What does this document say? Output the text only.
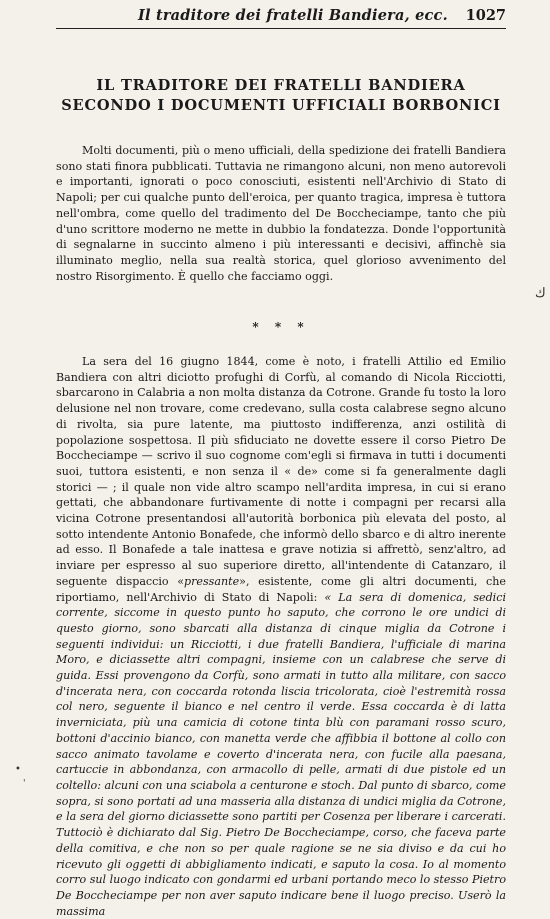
Il traditore dei fratelli Bandiera, ecc. 1027
IL TRADITORE DEI FRATELLI BANDIERA
SECONDO I DOCUMENTI UFFICIALI BORBONICI

Molti documenti, più o meno ufficiali, della spedizione dei fratelli Bandiera sono stati finora pubblicati. Tuttavia ne rimangono alcuni, non meno autorevoli e importanti, ignorati o poco conosciuti, esistenti nell'Archivio di Stato di Napoli; per cui qualche punto dell'eroica, per quanto tragica, impresa è tuttora nell'ombra, come quello del tradimento del De Boccheciampe, tanto che più d'uno scrittore moderno ne mette in dubbio la fondatezza. Donde l'opportunità di segnalarne in succinto almeno i più interessanti e decisivi, affinchè sia illuminato meglio, nella sua realtà storica, quel glorioso avvenimento del nostro Risorgimento. È quello che facciamo oggi.

* * *

La sera del 16 giugno 1844, come è noto, i fratelli Attilio ed Emilio Bandiera con altri diciotto profughi di Corfù, al comando di Nicola Ricciotti, sbarcarono in Calabria a non molta distanza da Cotrone. Grande fu tosto la loro delusione nel non trovare, come credevano, sulla costa calabrese segno alcuno di rivolta, sia pure latente, ma piuttosto indifferenza, anzi ostilità di popolazione sospettosa. Il più sfiduciato ne dovette essere il corso Pietro De Boccheciampe — scrivo il suo cognome com'egli si firmava in tutti i documenti suoi, tuttora esistenti, e non senza il « de» come si fa generalmente dagli storici — ; il quale non vide altro scampo nell'ardita impresa, in cui si erano gettati, che abbandonare furtivamente di notte i compagni per recarsi alla vicina Cotrone presentandosi all'autorità borbonica più elevata del posto, al sotto intendente Antonio Bonafede, che informò dello sbarco e di altro inerente ad esso. Il Bonafede a tale inattesa e grave notizia si affrettò, senz'altro, ad inviare per espresso al suo superiore diretto, all'intendente di Catanzaro, il seguente dispaccio «pressante», esistente, come gli altri documenti, che riportiamo, nell'Archivio di Stato di Napoli: « La sera di domenica, sedici corrente, siccome in questo punto ho saputo, che corrono le ore undici di questo giorno, sono sbarcati alla distanza di cinque miglia da Cotrone i seguenti individui: un Ricciotti, i due fratelli Bandiera, l'ufficiale di marina Moro, e diciassette altri compagni, insieme con un calabrese che serve di guida. Essi provengono da Corfù, sono armati in tutto alla militare, con sacco d'incerata nera, con coccarda rotonda liscia tricolorata, cioè l'estremità rossa col nero, seguente il bianco e nel centro il verde. Essa coccarda è di latta inverniciata, più una camicia di cotone tinta blù con paramani rosso scuro, bottoni d'accinio bianco, con manetta verde che affibbia il bottone al collo con sacco animato tavolame e coverto d'incerata nera, con fucile alla paesana, cartuccie in abbondanza, con armacollo di pelle, armati di due pistole ed un coltello: alcuni con una sciabola a centurone e stoch. Dal punto di sbarco, come sopra, si sono portati ad una masseria alla distanza di undici miglia da Cotrone, e la sera del giorno diciassette sono partiti per Cosenza per liberare i carcerati. Tuttociò è dichiarato dal Sig. Pietro De Boccheciampe, corso, che faceva parte della comitiva, e che non so per quale ragione se ne sia diviso e da cui ho ricevuto gli oggetti di abbigliamento indicati, e saputo la cosa. Io al momento corro sul luogo indicato con gondarmi ed urbani portando meco lo stesso Pietro De Boccheciampe per non aver saputo indicare bene il luogo preciso. Userò la massima

ك
•
'
